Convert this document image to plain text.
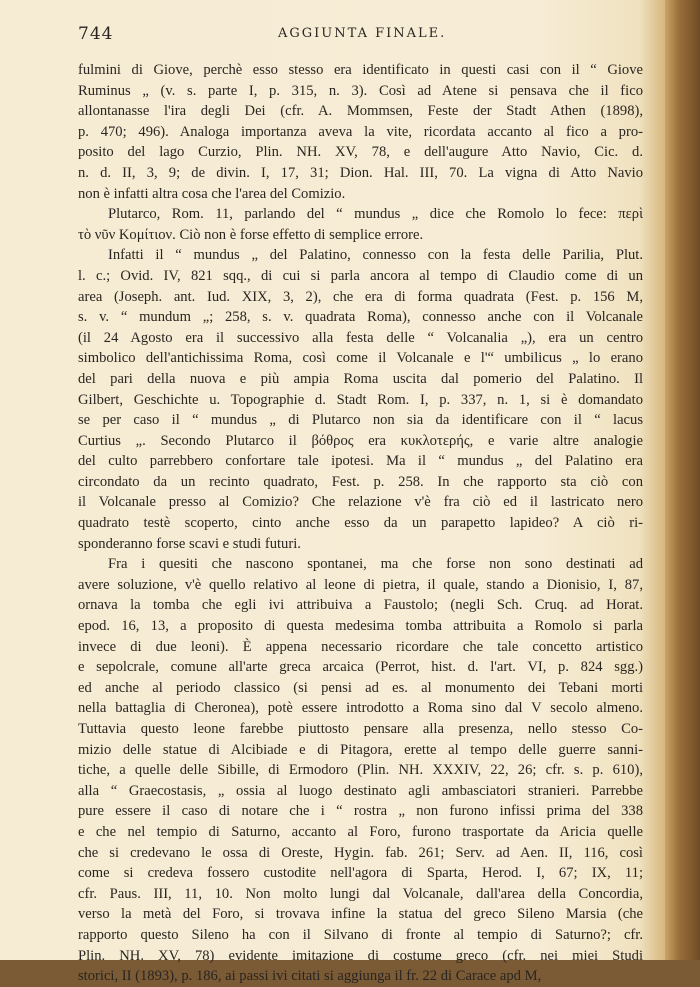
744	AGGIUNTA FINALE.
fulmini di Giove, perchè esso stesso era identificato in questi casi con il “ Giove
Ruminus „ (v. s. parte I, p. 315, n. 3). Così ad Atene si pensava che il fico
allontanasse l'ira degli Dei (cfr. A. Mommsen, Feste der Stadt Athen (1898),
p. 470; 496). Analoga importanza aveva la vite, ricordata accanto al fico a pro-
posito del lago Curzio, Plin. NH. XV, 78, e dell'augure Atto Navio, Cic. d.
n. d. II, 3, 9; de divin. I, 17, 31; Dion. Hal. III, 70. La vigna di Atto Navio
non è infatti altra cosa che l'area del Comizio.
Plutarco, Rom. 11, parlando del “ mundus „ dice che Romolo lo fece: περὶ
τὸ νῦν Κομίτιον. Ciò non è forse effetto di semplice errore.
Infatti il “ mundus „ del Palatino, connesso con la festa delle Parilia, Plut.
l. c.; Ovid. IV, 821 sqq., di cui si parla ancora al tempo di Claudio come di un
area (Joseph. ant. Iud. XIX, 3, 2), che era di forma quadrata (Fest. p. 156 M,
s. v. “ mundum „; 258, s. v. quadrata Roma), connesso anche con il Volcanale
(il 24 Agosto era il successivo alla festa delle “ Volcanalia „), era un centro
simbolico dell'antichissima Roma, così come il Volcanale e l'“ umbilicus „ lo erano
del pari della nuova e più ampia Roma uscita dal pomerio del Palatino. Il
Gilbert, Geschichte u. Topographie d. Stadt Rom. I, p. 337, n. 1, si è domandato
se per caso il “ mundus „ di Plutarco non sia da identificare con il “ lacus
Curtius „. Secondo Plutarco il βόθρος era κυκλοτερής, e varie altre analogie
del culto parrebbero confortare tale ipotesi. Ma il “ mundus „ del Palatino era
circondato da un recinto quadrato, Fest. p. 258. In che rapporto sta ciò con
il Volcanale presso al Comizio? Che relazione v'è fra ciò ed il lastricato nero
quadrato testè scoperto, cinto anche esso da un parapetto lapideo? A ciò ri-
sponderanno forse scavi e studi futuri.
Fra i quesiti che nascono spontanei, ma che forse non sono destinati ad
avere soluzione, v'è quello relativo al leone di pietra, il quale, stando a Dionisio, I, 87,
ornava la tomba che egli ivi attribuiva a Faustolo; (negli Sch. Cruq. ad Horat.
epod. 16, 13, a proposito di questa medesima tomba attribuita a Romolo si parla
invece di due leoni). È appena necessario ricordare che tale concetto artistico
e sepolcrale, comune all'arte greca arcaica (Perrot, hist. d. l'art. VI, p. 824 sgg.)
ed anche al periodo classico (si pensi ad es. al monumento dei Tebani morti
nella battaglia di Cheronea), potè essere introdotto a Roma sino dal V secolo almeno.
Tuttavia questo leone farebbe piuttosto pensare alla presenza, nello stesso Co-
mizio delle statue di Alcibiade e di Pitagora, erette al tempo delle guerre sanni-
tiche, a quelle delle Sibille, di Ermodoro (Plin. NH. XXXIV, 22, 26; cfr. s. p. 610),
alla “ Graecostasis, „ ossia al luogo destinato agli ambasciatori stranieri. Parrebbe
pure essere il caso di notare che i “ rostra „ non furono infissi prima del 338
e che nel tempio di Saturno, accanto al Foro, furono trasportate da Aricia quelle
che si credevano le ossa di Oreste, Hygin. fab. 261; Serv. ad Aen. II, 116, così
come si credeva fossero custodite nell'agora di Sparta, Herod. I, 67; IX, 11;
cfr. Paus. III, 11, 10. Non molto lungi dal Volcanale, dall'area della Concordia,
verso la metà del Foro, si trovava infine la statua del greco Sileno Marsia (che
rapporto questo Sileno ha con il Silvano di fronte al tempio di Saturno?; cfr.
Plin. NH. XV, 78) evidente imitazione di costume greco (cfr. nei miei Studi
storici, II (1893), p. 186, ai passi ivi citati si aggiunga il fr. 22 di Carace apd M,
